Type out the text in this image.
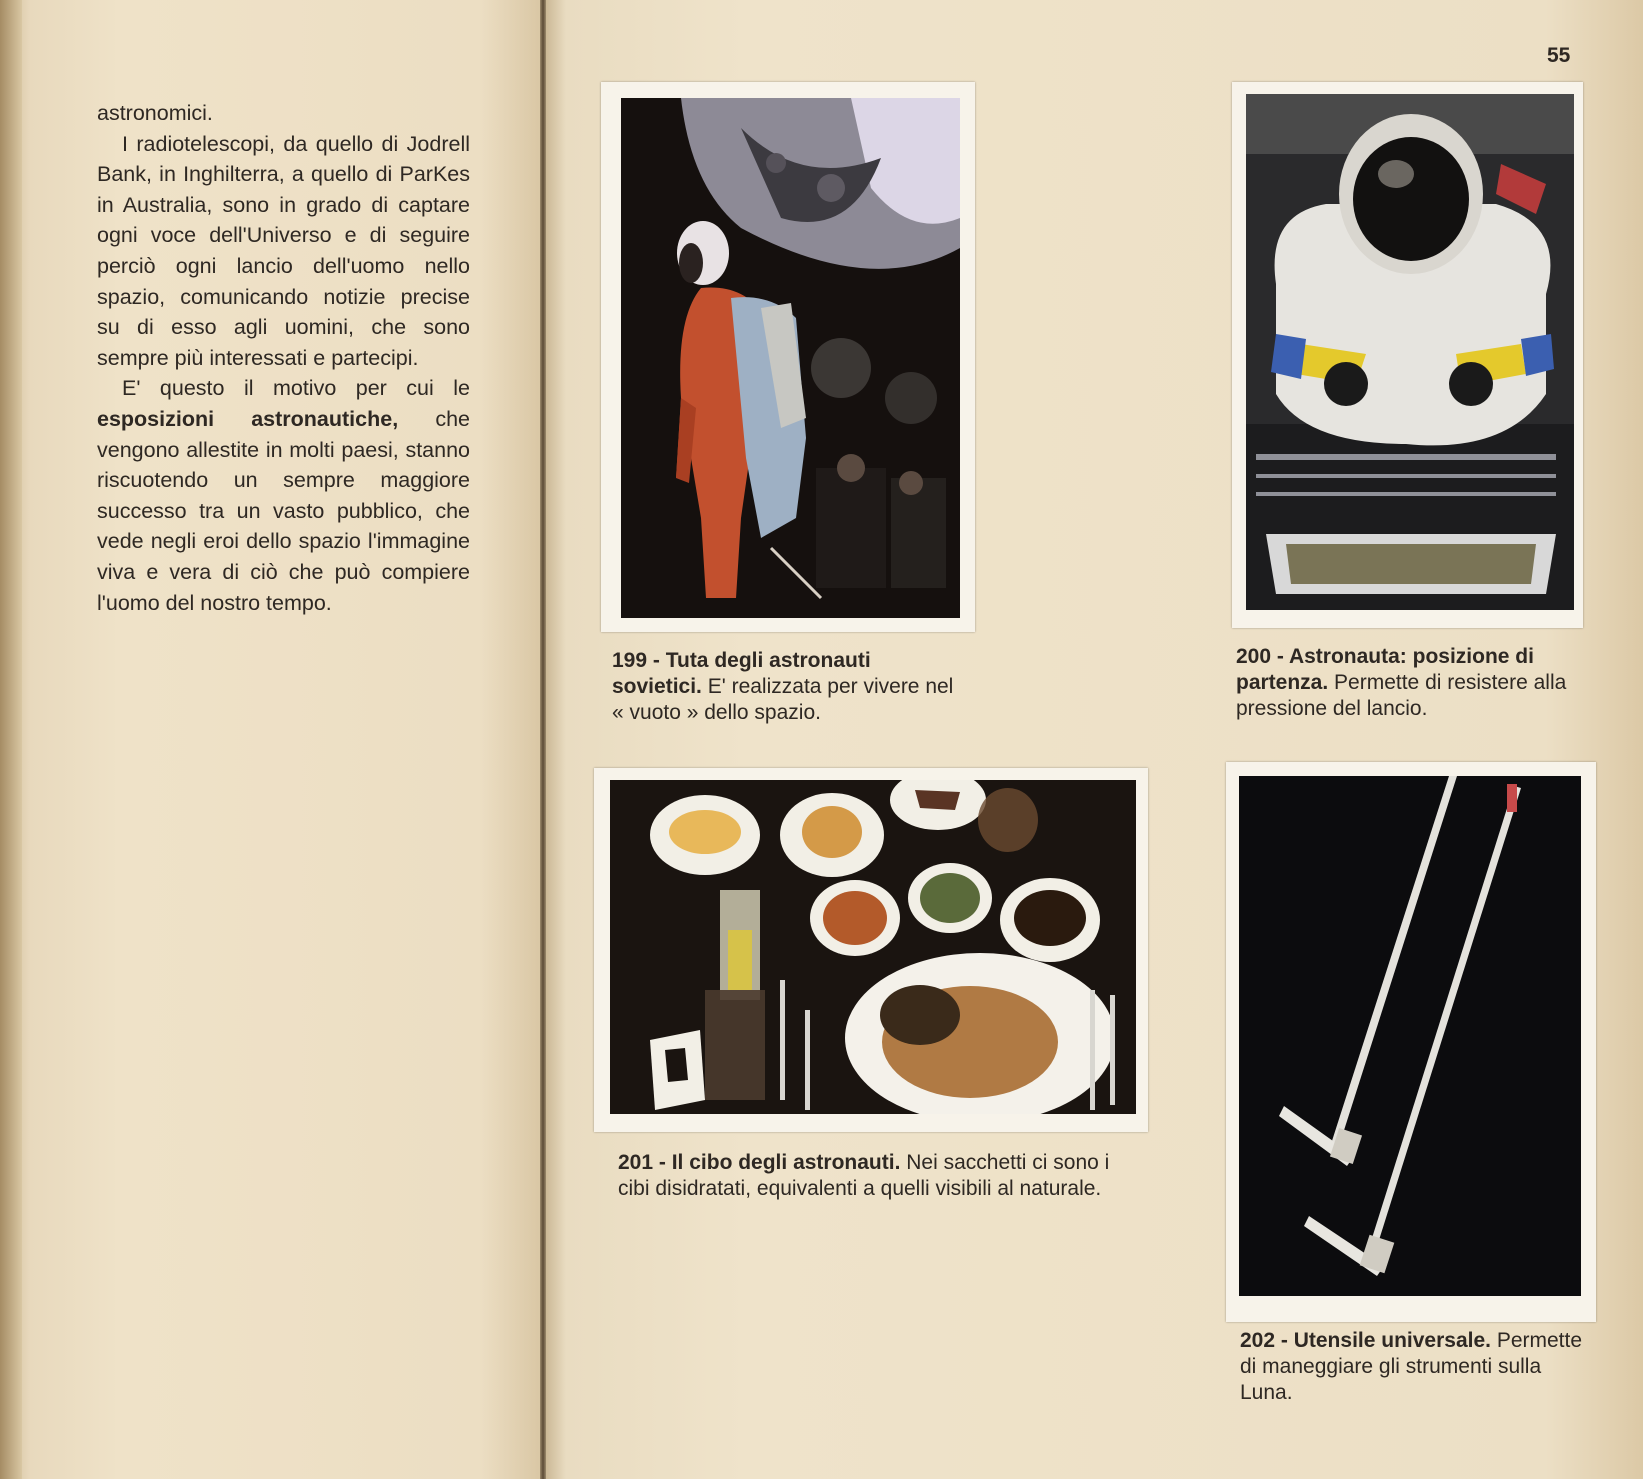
astronomici.

I radiotelescopi, da quello di Jodrell Bank, in Inghilterra, a quello di ParKes in Australia, sono in grado di captare ogni voce dell'Universo e di seguire perciò ogni lancio dell'uomo nello spazio, comunicando notizie precise su di esso agli uomini, che sono sempre più interessati e partecipi.

E' questo il motivo per cui le esposizioni astronautiche, che vengono allestite in molti paesi, stanno riscuotendo un sempre maggiore successo tra un vasto pubblico, che vede negli eroi dello spazio l'immagine viva e vera di ciò che può compiere l'uomo del nostro tempo.

55
199 - Tuta degli astronauti sovietici. E' realizzata per vivere nel « vuoto » dello spazio.
200 - Astronauta: posizione di partenza. Permette di resistere alla pressione del lancio.
201 - Il cibo degli astronauti. Nei sacchetti ci sono i cibi disidratati, equivalenti a quelli visibili al naturale.
202 - Utensile universale. Permette di maneggiare gli strumenti sulla Luna.
